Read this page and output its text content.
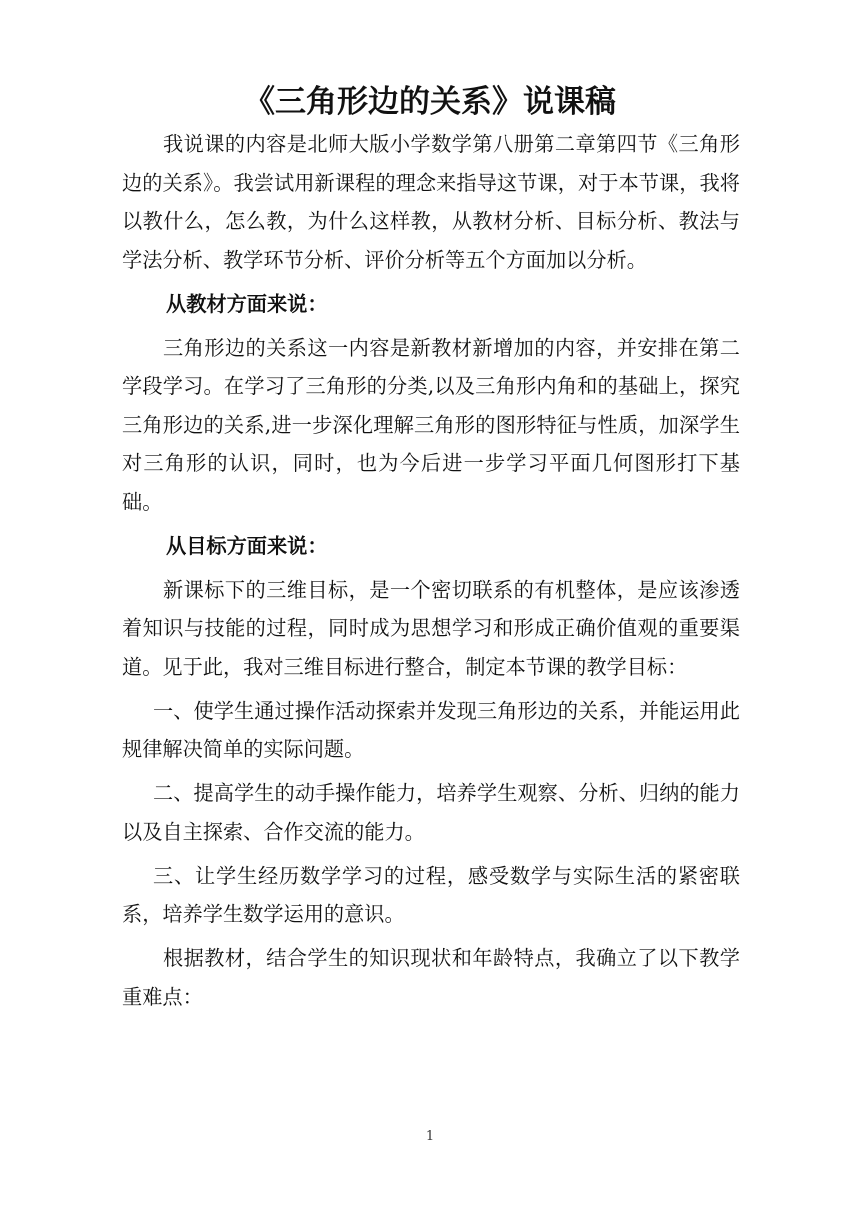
《三角形边的关系》说课稿

我说课的内容是北师大版小学数学第八册第二章第四节《三角形边的关系》。我尝试用新课程的理念来指导这节课，对于本节课，我将以教什么，怎么教，为什么这样教，从教材分析、目标分析、教法与学法分析、教学环节分析、评价分析等五个方面加以分析。

从教材方面来说：

三角形边的关系这一内容是新教材新增加的内容，并安排在第二学段学习。在学习了三角形的分类,以及三角形内角和的基础上，探究三角形边的关系,进一步深化理解三角形的图形特征与性质，加深学生对三角形的认识，同时，也为今后进一步学习平面几何图形打下基础。

从目标方面来说：

新课标下的三维目标，是一个密切联系的有机整体，是应该渗透着知识与技能的过程，同时成为思想学习和形成正确价值观的重要渠道。见于此，我对三维目标进行整合，制定本节课的教学目标：

一、使学生通过操作活动探索并发现三角形边的关系，并能运用此规律解决简单的实际问题。

二、提高学生的动手操作能力，培养学生观察、分析、归纳的能力以及自主探索、合作交流的能力。

三、让学生经历数学学习的过程，感受数学与实际生活的紧密联系，培养学生数学运用的意识。

根据教材，结合学生的知识现状和年龄特点，我确立了以下教学重难点：

1
